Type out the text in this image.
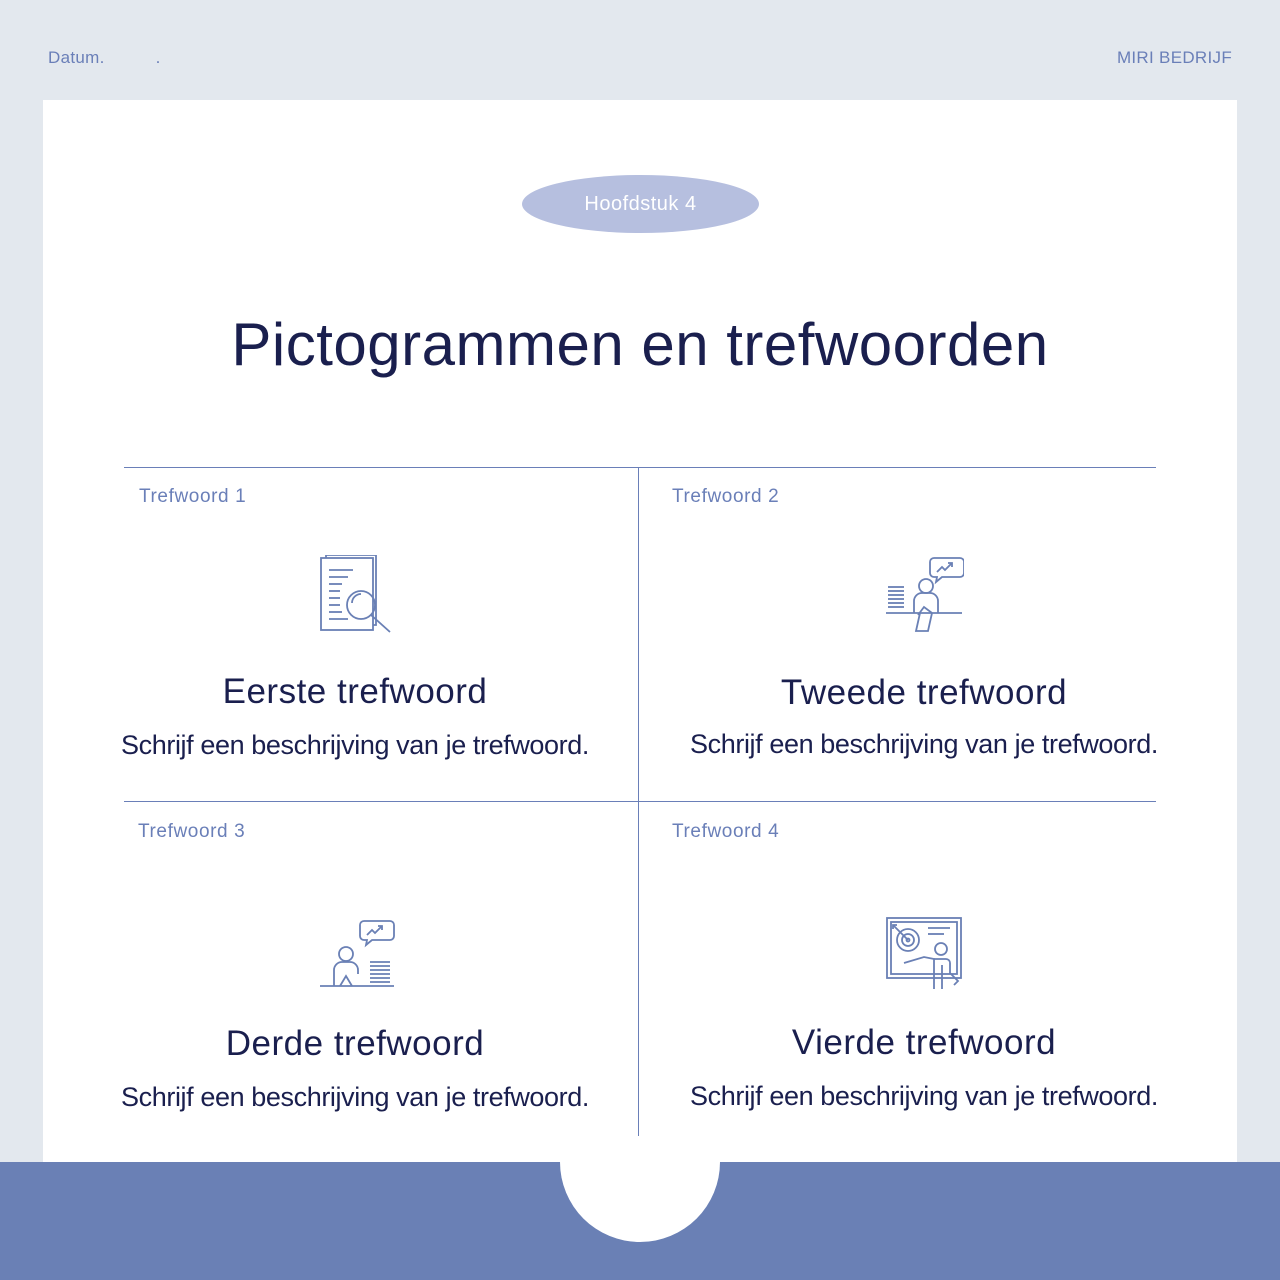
Datum.	.	MIRI BEDRIJF
Hoofdstuk 4
Pictogrammen en trefwoorden
Trefwoord 1
Eerste trefwoord
Schrijf een beschrijving van je trefwoord.
Trefwoord 2
Tweede trefwoord
Schrijf een beschrijving van je trefwoord.
Trefwoord 3
Derde trefwoord
Schrijf een beschrijving van je trefwoord.
Trefwoord 4
Vierde trefwoord
Schrijf een beschrijving van je trefwoord.
